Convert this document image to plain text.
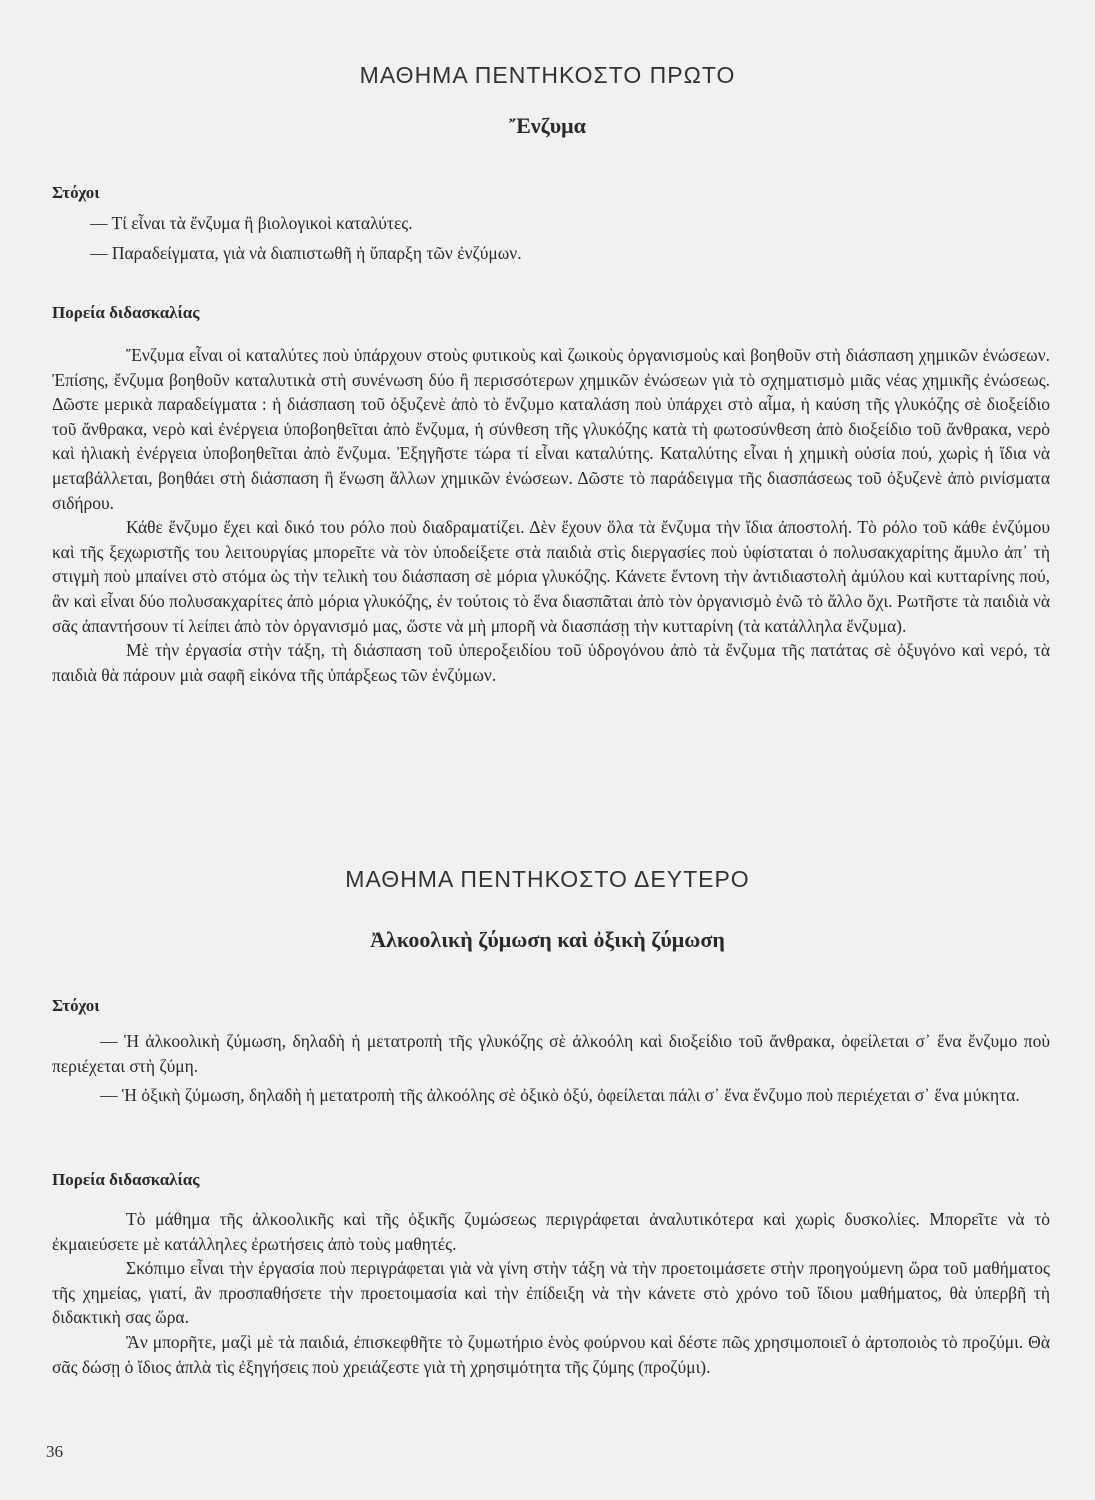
ΜΑΘΗΜΑ ΠΕΝΤΗΚΟΣΤΟ ΠΡΩΤΟ
Ἔνζυμα
Στόχοι
— Τί εἶναι τὰ ἔνζυμα ἢ βιολογικοὶ καταλύτες.
— Παραδείγματα, γιὰ νὰ διαπιστωθῆ ἡ ὕπαρξη τῶν ἐνζύμων.
Πορεία διδασκαλίας

Ἔνζυμα εἶναι οἱ καταλύτες ποὺ ὑπάρχουν στοὺς φυτικοὺς καὶ ζωικοὺς ὀργανισμοὺς καὶ βοηθοῦν στὴ διάσπαση χημικῶν ἐνώσεων. Ἐπίσης, ἔνζυμα βοηθοῦν καταλυτικὰ στὴ συνένωση δύο ἢ περισσότερων χημικῶν ἐνώσεων γιὰ τὸ σχηματισμὸ μιᾶς νέας χημικῆς ἐνώσεως. Δῶστε μερικὰ παραδείγματα : ἡ διάσπαση τοῦ ὀξυζενὲ ἀπὸ τὸ ἔνζυμο καταλάση ποὺ ὑπάρχει στὸ αἷμα, ἡ καύση τῆς γλυκόζης σὲ διοξείδιο τοῦ ἄνθρακα, νερὸ καὶ ἐνέργεια ὑποβοηθεῖται ἀπὸ ἔνζυμα, ἡ σύνθεση τῆς γλυκόζης κατὰ τὴ φωτοσύνθεση ἀπὸ διοξείδιο τοῦ ἄνθρακα, νερὸ καὶ ἡλιακὴ ἐνέργεια ὑποβοηθεῖται ἀπὸ ἔνζυμα. Ἐξηγῆστε τώρα τί εἶναι καταλύτης. Καταλύτης εἶναι ἡ χημικὴ οὐσία πού, χωρὶς ἡ ἴδια νὰ μεταβάλλεται, βοηθάει στὴ διάσπαση ἢ ἕνωση ἄλλων χημικῶν ἐνώσεων. Δῶστε τὸ παράδειγμα τῆς διασπάσεως τοῦ ὀξυζενὲ ἀπὸ ρινίσματα σιδήρου.

Κάθε ἔνζυμο ἔχει καὶ δικό του ρόλο ποὺ διαδραματίζει. Δὲν ἔχουν ὅλα τὰ ἔνζυμα τὴν ἴδια ἀποστολή. Τὸ ρόλο τοῦ κάθε ἐνζύμου καὶ τῆς ξεχωριστῆς του λειτουργίας μπορεῖτε νὰ τὸν ὑποδείξετε στὰ παιδιὰ στὶς διεργασίες ποὺ ὑφίσταται ὁ πολυσακχαρίτης ἄμυλο ἀπ᾽ τὴ στιγμὴ ποὺ μπαίνει στὸ στόμα ὡς τὴν τελικὴ του διάσπαση σὲ μόρια γλυκόζης. Κάνετε ἔντονη τὴν ἀντιδιαστολὴ ἀμύλου καὶ κυτταρίνης πού, ἂν καὶ εἶναι δύο πολυσακχαρίτες ἀπὸ μόρια γλυκόζης, ἐν τούτοις τὸ ἕνα διασπᾶται ἀπὸ τὸν ὀργανισμὸ ἐνῶ τὸ ἄλλο ὄχι. Ρωτῆστε τὰ παιδιὰ νὰ σᾶς ἀπαντήσουν τί λείπει ἀπὸ τὸν ὀργανισμό μας, ὥστε νὰ μὴ μπορῆ νὰ διασπάσῃ τὴν κυτταρίνη (τὰ κατάλληλα ἔνζυμα).

Μὲ τὴν ἐργασία στὴν τάξη, τὴ διάσπαση τοῦ ὑπεροξειδίου τοῦ ὑδρογόνου ἀπὸ τὰ ἔνζυμα τῆς πατάτας σὲ ὀξυγόνο καὶ νερό, τὰ παιδιὰ θὰ πάρουν μιὰ σαφῆ εἰκόνα τῆς ὑπάρξεως τῶν ἐνζύμων.

ΜΑΘΗΜΑ ΠΕΝΤΗΚΟΣΤΟ ΔΕΥΤΕΡΟ
Ἀλκοολικὴ ζύμωση καὶ ὀξικὴ ζύμωση
Στόχοι

— Ἡ ἀλκοολικὴ ζύμωση, δηλαδὴ ἡ μετατροπὴ τῆς γλυκόζης σὲ ἀλκοόλη καὶ διοξείδιο τοῦ ἄνθρακα, ὀφείλεται σ᾽ ἕνα ἔνζυμο ποὺ περιέχεται στὴ ζύμη.

— Ἡ ὀξικὴ ζύμωση, δηλαδὴ ἡ μετατροπὴ τῆς ἀλκοόλης σὲ ὀξικὸ ὀξύ, ὀφείλεται πάλι σ᾽ ἕνα ἔνζυμο ποὺ περιέχεται σ᾽ ἕνα μύκητα.

Πορεία διδασκαλίας

Τὸ μάθημα τῆς ἀλκοολικῆς καὶ τῆς ὀξικῆς ζυμώσεως περιγράφεται ἀναλυτικότερα καὶ χωρὶς δυσκολίες. Μπορεῖτε νὰ τὸ ἐκμαιεύσετε μὲ κατάλληλες ἐρωτήσεις ἀπὸ τοὺς μαθητές.

Σκόπιμο εἶναι τὴν ἐργασία ποὺ περιγράφεται γιὰ νὰ γίνη στὴν τάξη νὰ τὴν προετοιμάσετε στὴν προηγούμενη ὥρα τοῦ μαθήματος τῆς χημείας, γιατί, ἂν προσπαθήσετε τὴν προετοιμασία καὶ τὴν ἐπίδειξη νὰ τὴν κάνετε στὸ χρόνο τοῦ ἴδιου μαθήματος, θὰ ὑπερβῆ τὴ διδακτικὴ σας ὥρα.

Ἂν μπορῆτε, μαζὶ μὲ τὰ παιδιά, ἐπισκεφθῆτε τὸ ζυμωτήριο ἑνὸς φούρνου καὶ δέστε πῶς χρησιμοποιεῖ ὁ ἀρτοποιὸς τὸ προζύμι. Θὰ σᾶς δώσῃ ὁ ἴδιος ἁπλὰ τὶς ἐξηγήσεις ποὺ χρειάζεστε γιὰ τὴ χρησιμότητα τῆς ζύμης (προζύμι).

36
